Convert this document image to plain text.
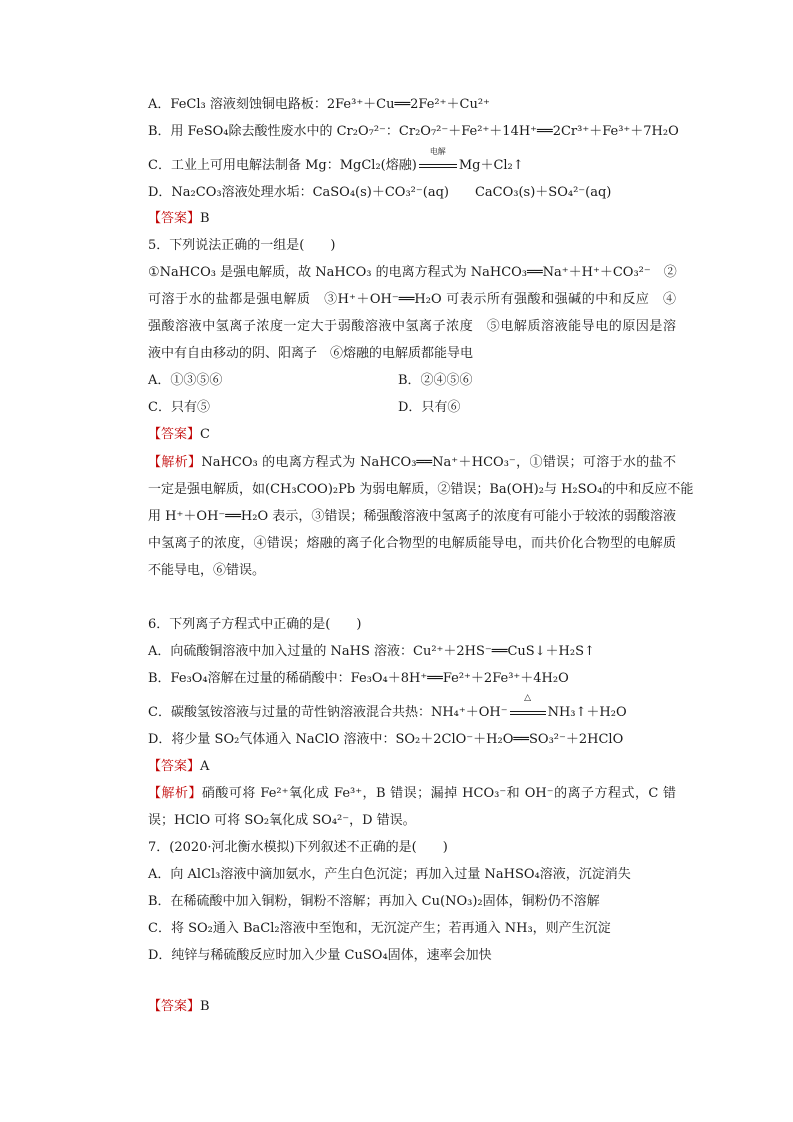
A．FeCl₃ 溶液刻蚀铜电路板：2Fe³⁺＋Cu══2Fe²⁺＋Cu²⁺
B．用 FeSO₄除去酸性废水中的 Cr₂O₇²⁻：Cr₂O₇²⁻＋Fe²⁺＋14H⁺══2Cr³⁺＋Fe³⁺＋7H₂O
C．工业上可用电解法制备 Mg：MgCl₂(熔融)
电解
Mg＋Cl₂↑
D．Na₂CO₃溶液处理水垢：CaSO₄(s)＋CO₃²⁻(aq)　　CaCO₃(s)＋SO₄²⁻(aq)
【答案】B
5．下列说法正确的一组是(　　)
①NaHCO₃ 是强电解质，故 NaHCO₃ 的电离方程式为 NaHCO₃══Na⁺＋H⁺＋CO₃²⁻　②
可溶于水的盐都是强电解质　③H⁺＋OH⁻══H₂O 可表示所有强酸和强碱的中和反应　④
强酸溶液中氢离子浓度一定大于弱酸溶液中氢离子浓度　⑤电解质溶液能导电的原因是溶
液中有自由移动的阴、阳离子　⑥熔融的电解质都能导电
A．①③⑤⑥	B．②④⑤⑥
C．只有⑤	D．只有⑥
【答案】C
【解析】NaHCO₃ 的电离方程式为 NaHCO₃══Na⁺＋HCO₃⁻，①错误；可溶于水的盐不
一定是强电解质，如(CH₃COO)₂Pb 为弱电解质，②错误；Ba(OH)₂与 H₂SO₄的中和反应不能
用 H⁺＋OH⁻══H₂O 表示，③错误；稀强酸溶液中氢离子的浓度有可能小于较浓的弱酸溶液
中氢离子的浓度，④错误；熔融的离子化合物型的电解质能导电，而共价化合物型的电解质
不能导电，⑥错误。
6．下列离子方程式中正确的是(　　)
A．向硫酸铜溶液中加入过量的 NaHS 溶液：Cu²⁺＋2HS⁻══CuS↓＋H₂S↑
B．Fe₃O₄溶解在过量的稀硝酸中：Fe₃O₄＋8H⁺══Fe²⁺＋2Fe³⁺＋4H₂O
C．碳酸氢铵溶液与过量的苛性钠溶液混合共热：NH₄⁺＋OH⁻
△
NH₃↑＋H₂O
D．将少量 SO₂气体通入 NaClO 溶液中：SO₂＋2ClO⁻＋H₂O══SO₃²⁻＋2HClO
【答案】A
【解析】硝酸可将 Fe²⁺氧化成 Fe³⁺，B 错误；漏掉 HCO₃⁻和 OH⁻的离子方程式，C 错
误；HClO 可将 SO₂氧化成 SO₄²⁻，D 错误。
7．(2020·河北衡水模拟)下列叙述不正确的是(　　)
A．向 AlCl₃溶液中滴加氨水，产生白色沉淀；再加入过量 NaHSO₄溶液，沉淀消失
B．在稀硫酸中加入铜粉，铜粉不溶解；再加入 Cu(NO₃)₂固体，铜粉仍不溶解
C．将 SO₂通入 BaCl₂溶液中至饱和，无沉淀产生；若再通入 NH₃，则产生沉淀
D．纯锌与稀硫酸反应时加入少量 CuSO₄固体，速率会加快
【答案】B
